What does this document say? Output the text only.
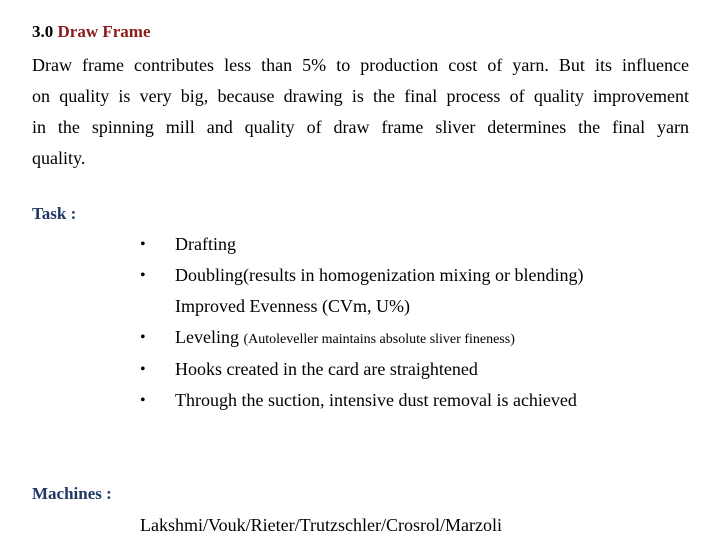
3.0 Draw Frame
Draw frame contributes less than 5% to production cost of yarn. But its influence
on quality is very big, because drawing is the final process of quality improvement
in the spinning mill and quality of draw frame sliver determines the final yarn
quality.
Task :
• Drafting
• Doubling(results in homogenization mixing or blending)
Improved Evenness (CVm, U%)
• Leveling (Autoleveller maintains absolute sliver fineness)
• Hooks created in the card are straightened
• Through the suction, intensive dust removal is achieved
Machines :
Lakshmi/Vouk/Rieter/Trutzschler/Crosrol/Marzoli
